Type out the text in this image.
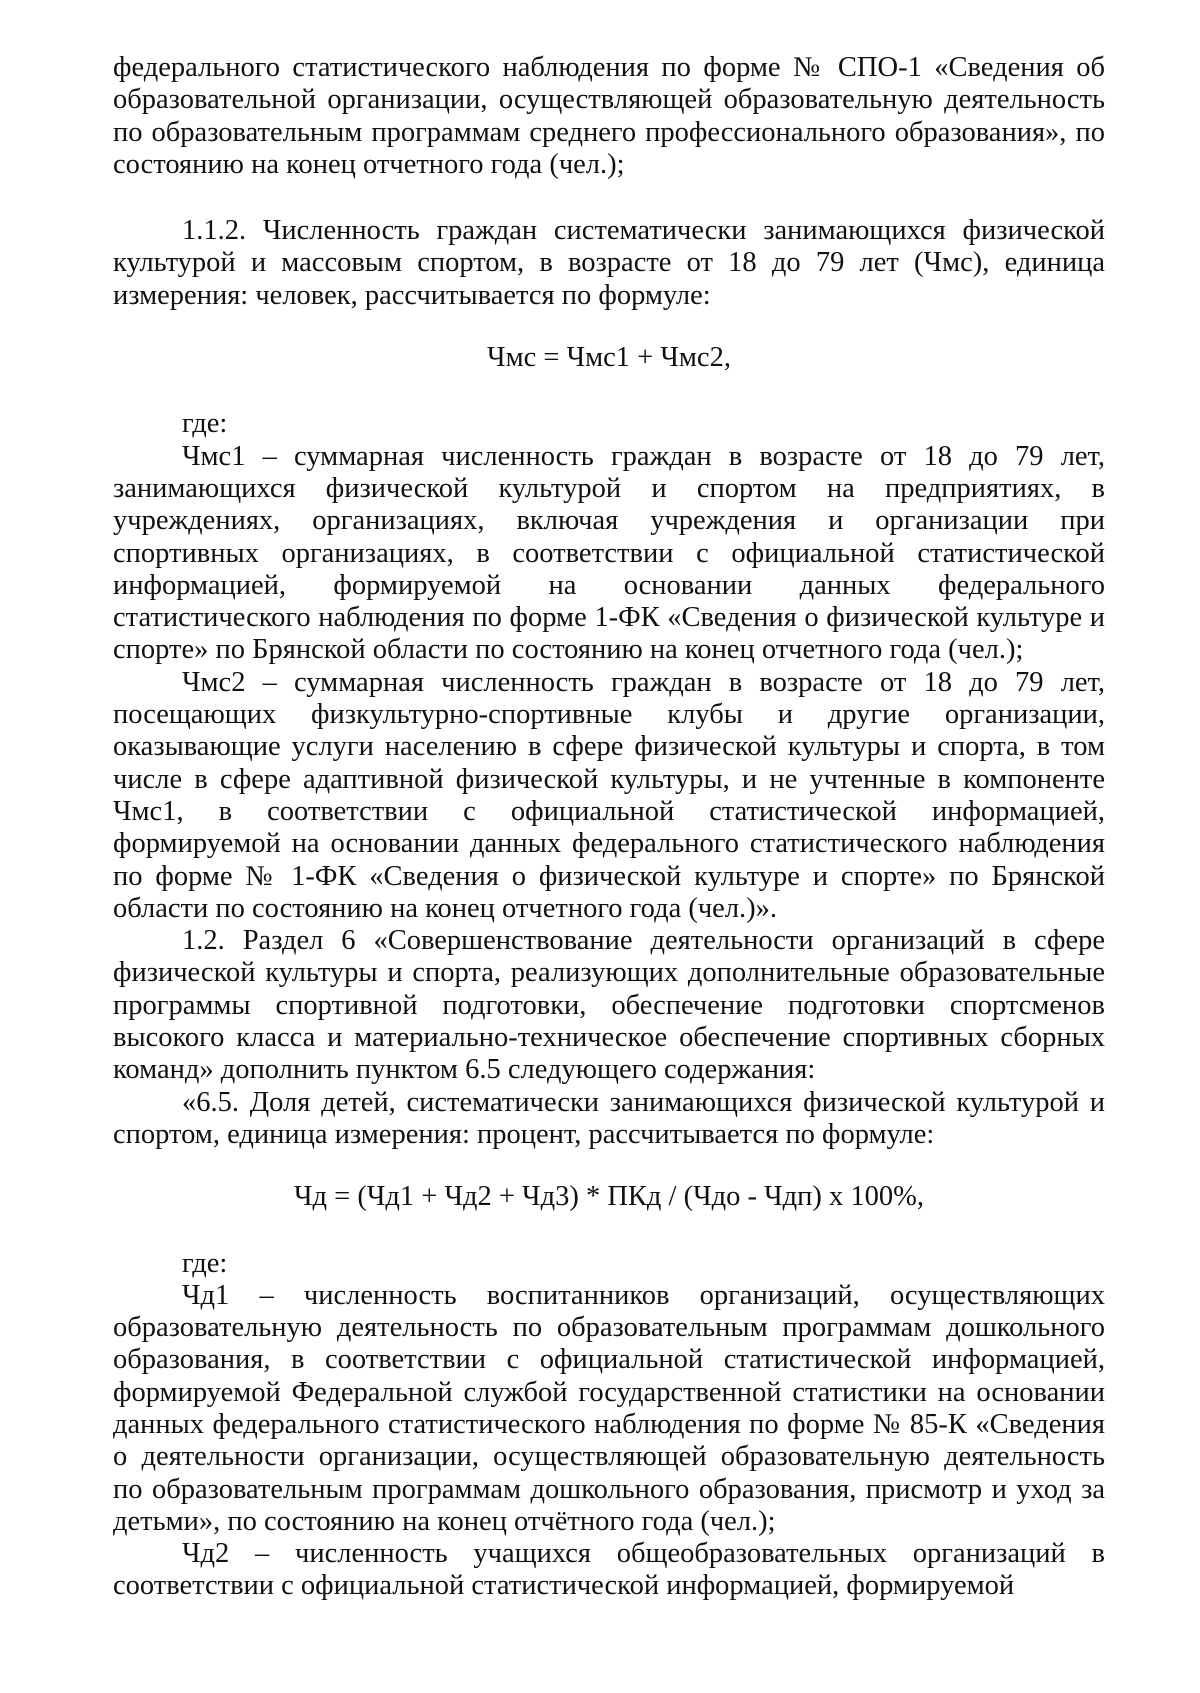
федерального статистического наблюдения по форме № СПО-1 «Сведения об образовательной организации, осуществляющей образовательную деятельность по образовательным программам среднего профессионального образования», по состоянию на конец отчетного года (чел.);

1.1.2. Численность граждан систематически занимающихся физической культурой и массовым спортом, в возрасте от 18 до 79 лет (Чмс), единица измерения: человек, рассчитывается по формуле:

Чмс = Чмс1 + Чмс2,

где:

Чмс1 – суммарная численность граждан в возрасте от 18 до 79 лет, занимающихся физической культурой и спортом на предприятиях, в учреждениях, организациях, включая учреждения и организации при спортивных организациях, в соответствии с официальной статистической информацией, формируемой на основании данных федерального статистического наблюдения по форме 1-ФК «Сведения о физической культуре и спорте» по Брянской области по состоянию на конец отчетного года (чел.);

Чмс2 – суммарная численность граждан в возрасте от 18 до 79 лет, посещающих физкультурно-спортивные клубы и другие организации, оказывающие услуги населению в сфере физической культуры и спорта, в том числе в сфере адаптивной физической культуры, и не учтенные в компоненте Чмс1, в соответствии с официальной статистической информацией, формируемой на основании данных федерального статистического наблюдения по форме № 1-ФК «Сведения о физической культуре и спорте» по Брянской области по состоянию на конец отчетного года (чел.)».

1.2. Раздел 6 «Совершенствование деятельности организаций в сфере физической культуры и спорта, реализующих дополнительные образовательные программы спортивной подготовки, обеспечение подготовки спортсменов высокого класса и материально-техническое обеспечение спортивных сборных команд» дополнить пунктом 6.5 следующего содержания:

«6.5. Доля детей, систематически занимающихся физической культурой и спортом, единица измерения: процент, рассчитывается по формуле:

Чд = (Чд1 + Чд2 + Чд3) * ПКд / (Чдо - Чдп) х 100%,

где:

Чд1 – численность воспитанников организаций, осуществляющих образовательную деятельность по образовательным программам дошкольного образования, в соответствии с официальной статистической информацией, формируемой Федеральной службой государственной статистики на основании данных федерального статистического наблюдения по форме № 85-К «Сведения о деятельности организации, осуществляющей образовательную деятельность по образовательным программам дошкольного образования, присмотр и уход за детьми», по состоянию на конец отчётного года (чел.);

Чд2 – численность учащихся общеобразовательных организаций в соответствии с официальной статистической информацией, формируемой
